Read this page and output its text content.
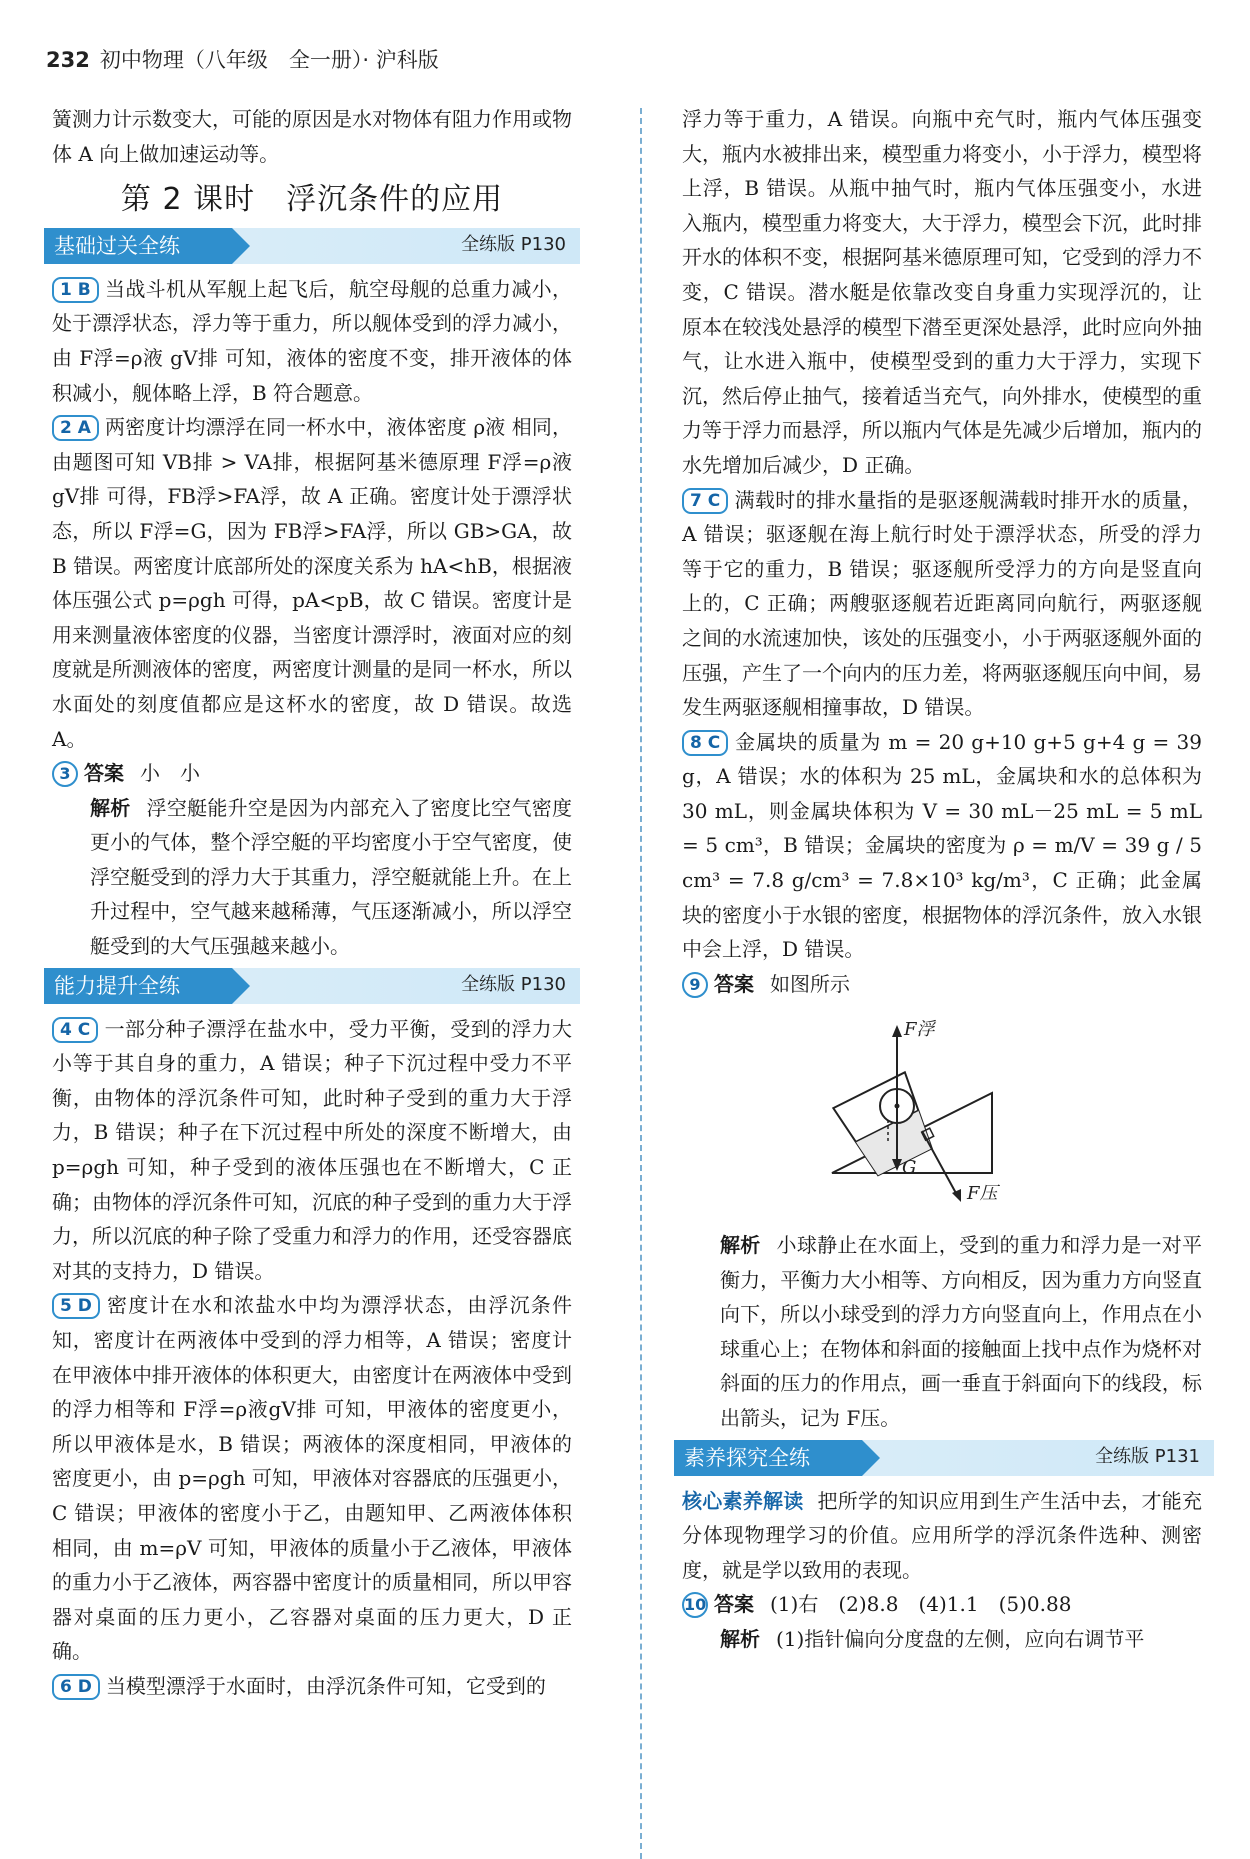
232 初中物理（八年级　全一册）· 沪科版

簧测力计示数变大，可能的原因是水对物体有阻力作用或物体 A 向上做加速运动等。

第 2 课时　浮沉条件的应用
基础过关全练	全练版 P130

1 B 当战斗机从军舰上起飞后，航空母舰的总重力减小，处于漂浮状态，浮力等于重力，所以舰体受到的浮力减小，由 F浮=ρ液 gV排 可知，液体的密度不变，排开液体的体积减小，舰体略上浮，B 符合题意。

2 A 两密度计均漂浮在同一杯水中，液体密度 ρ液 相同，由题图可知 VB排 > VA排，根据阿基米德原理 F浮=ρ液gV排 可得，FB浮>FA浮，故 A 正确。密度计处于漂浮状态，所以 F浮=G，因为 FB浮>FA浮，所以 GB>GA，故 B 错误。两密度计底部所处的深度关系为 hA<hB，根据液体压强公式 p=ρgh 可得，pA<pB，故 C 错误。密度计是用来测量液体密度的仪器，当密度计漂浮时，液面对应的刻度就是所测液体的密度，两密度计测量的是同一杯水，所以水面处的刻度值都应是这杯水的密度，故 D 错误。故选 A。

3 答案 小　小

解析 浮空艇能升空是因为内部充入了密度比空气密度更小的气体，整个浮空艇的平均密度小于空气密度，使浮空艇受到的浮力大于其重力，浮空艇就能上升。在上升过程中，空气越来越稀薄，气压逐渐减小，所以浮空艇受到的大气压强越来越小。

能力提升全练	全练版 P130

4 C 一部分种子漂浮在盐水中，受力平衡，受到的浮力大小等于其自身的重力，A 错误；种子下沉过程中受力不平衡，由物体的浮沉条件可知，此时种子受到的重力大于浮力，B 错误；种子在下沉过程中所处的深度不断增大，由 p=ρgh 可知，种子受到的液体压强也在不断增大，C 正确；由物体的浮沉条件可知，沉底的种子受到的重力大于浮力，所以沉底的种子除了受重力和浮力的作用，还受容器底对其的支持力，D 错误。

5 D 密度计在水和浓盐水中均为漂浮状态，由浮沉条件知，密度计在两液体中受到的浮力相等，A 错误；密度计在甲液体中排开液体的体积更大，由密度计在两液体中受到的浮力相等和 F浮=ρ液gV排 可知，甲液体的密度更小，所以甲液体是水，B 错误；两液体的深度相同，甲液体的密度更小，由 p=ρgh 可知，甲液体对容器底的压强更小，C 错误；甲液体的密度小于乙，由题知甲、乙两液体体积相同，由 m=ρV 可知，甲液体的质量小于乙液体，甲液体的重力小于乙液体，两容器中密度计的质量相同，所以甲容器对桌面的压力更小，乙容器对桌面的压力更大，D 正确。

6 D 当模型漂浮于水面时，由浮沉条件可知，它受到的

浮力等于重力，A 错误。向瓶中充气时，瓶内气体压强变大，瓶内水被排出来，模型重力将变小，小于浮力，模型将上浮，B 错误。从瓶中抽气时，瓶内气体压强变小，水进入瓶内，模型重力将变大，大于浮力，模型会下沉，此时排开水的体积不变，根据阿基米德原理可知，它受到的浮力不变，C 错误。潜水艇是依靠改变自身重力实现浮沉的，让原本在较浅处悬浮的模型下潜至更深处悬浮，此时应向外抽气，让水进入瓶中，使模型受到的重力大于浮力，实现下沉，然后停止抽气，接着适当充气，向外排水，使模型的重力等于浮力而悬浮，所以瓶内气体是先减少后增加，瓶内的水先增加后减少，D 正确。

7 C 满载时的排水量指的是驱逐舰满载时排开水的质量，A 错误；驱逐舰在海上航行时处于漂浮状态，所受的浮力等于它的重力，B 错误；驱逐舰所受浮力的方向是竖直向上的，C 正确；两艘驱逐舰若近距离同向航行，两驱逐舰之间的水流速加快，该处的压强变小，小于两驱逐舰外面的压强，产生了一个向内的压力差，将两驱逐舰压向中间，易发生两驱逐舰相撞事故，D 错误。

8 C 金属块的质量为 m = 20 g+10 g+5 g+4 g = 39 g，A 错误；水的体积为 25 mL，金属块和水的总体积为 30 mL，则金属块体积为 V = 30 mL－25 mL = 5 mL = 5 cm³，B 错误；金属块的密度为 ρ = m/V = 39 g / 5 cm³ = 7.8 g/cm³ = 7.8×10³ kg/m³，C 正确；此金属块的密度小于水银的密度，根据物体的浮沉条件，放入水银中会上浮，D 错误。

9 答案 如图所示

F浮
G
F压

解析 小球静止在水面上，受到的重力和浮力是一对平衡力，平衡力大小相等、方向相反，因为重力方向竖直向下，所以小球受到的浮力方向竖直向上，作用点在小球重心上；在物体和斜面的接触面上找中点作为烧杯对斜面的压力的作用点，画一垂直于斜面向下的线段，标出箭头，记为 F压。

素养探究全练	全练版 P131

核心素养解读 把所学的知识应用到生产生活中去，才能充分体现物理学习的价值。应用所学的浮沉条件选种、测密度，就是学以致用的表现。

10 答案 (1)右　(2)8.8　(4)1.1　(5)0.88

解析 (1)指针偏向分度盘的左侧，应向右调节平
